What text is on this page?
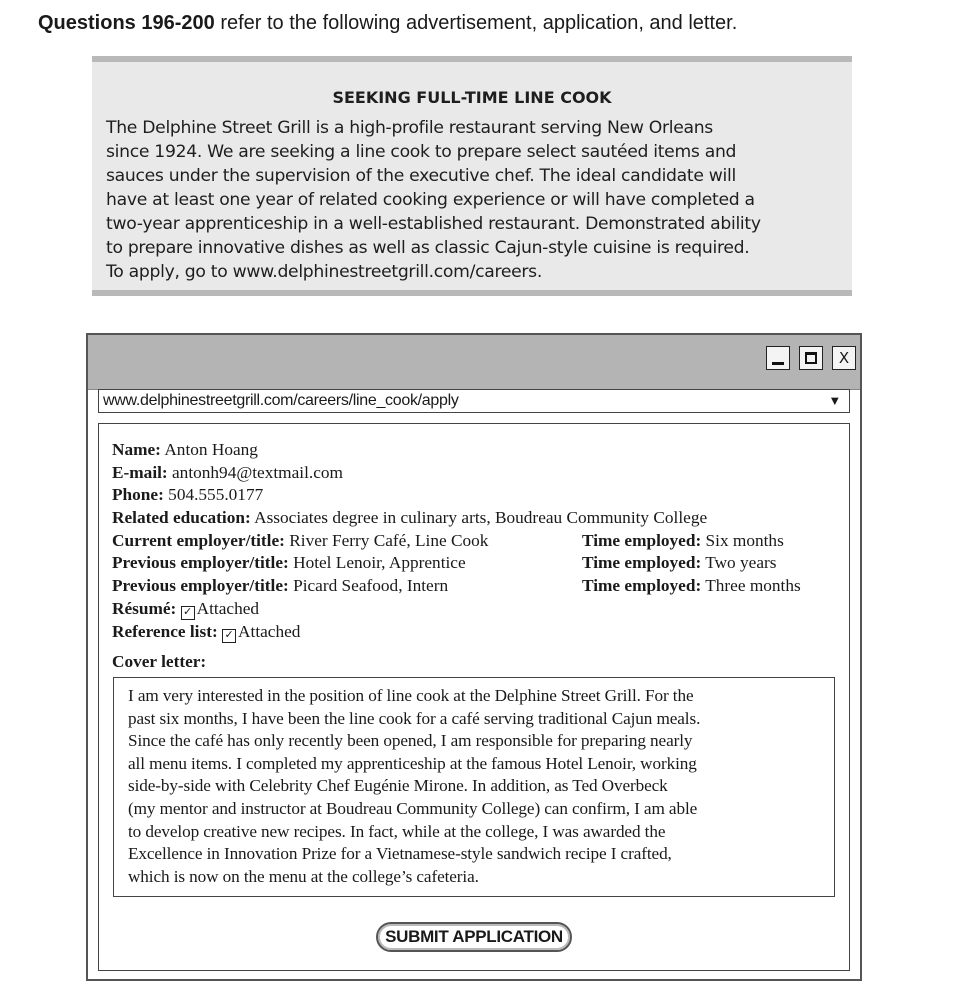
Questions 196-200 refer to the following advertisement, application, and letter.
SEEKING FULL-TIME LINE COOK
The Delphine Street Grill is a high-profile restaurant serving New Orleans
since 1924. We are seeking a line cook to prepare select sautéed items and
sauces under the supervision of the executive chef. The ideal candidate will
have at least one year of related cooking experience or will have completed a
two-year apprenticeship in a well-established restaurant. Demonstrated ability
to prepare innovative dishes as well as classic Cajun-style cuisine is required.
To apply, go to www.delphinestreetgrill.com/careers.
X
www.delphinestreetgrill.com/careers/line_cook/apply	▼
Name: Anton Hoang
E-mail: antonh94@textmail.com
Phone: 504.555.0177
Related education: Associates degree in culinary arts, Boudreau Community College
Current employer/title: River Ferry Café, Line Cook	Time employed: Six months
Previous employer/title: Hotel Lenoir, Apprentice	Time employed: Two years
Previous employer/title: Picard Seafood, Intern	Time employed: Three months
Résumé: ✓ Attached
Reference list: ✓ Attached
Cover letter:
I am very interested in the position of line cook at the Delphine Street Grill. For the
past six months, I have been the line cook for a café serving traditional Cajun meals.
Since the café has only recently been opened, I am responsible for preparing nearly
all menu items. I completed my apprenticeship at the famous Hotel Lenoir, working
side-by-side with Celebrity Chef Eugénie Mirone. In addition, as Ted Overbeck
(my mentor and instructor at Boudreau Community College) can confirm, I am able
to develop creative new recipes. In fact, while at the college, I was awarded the
Excellence in Innovation Prize for a Vietnamese-style sandwich recipe I crafted,
which is now on the menu at the college’s cafeteria.
SUBMIT APPLICATION
